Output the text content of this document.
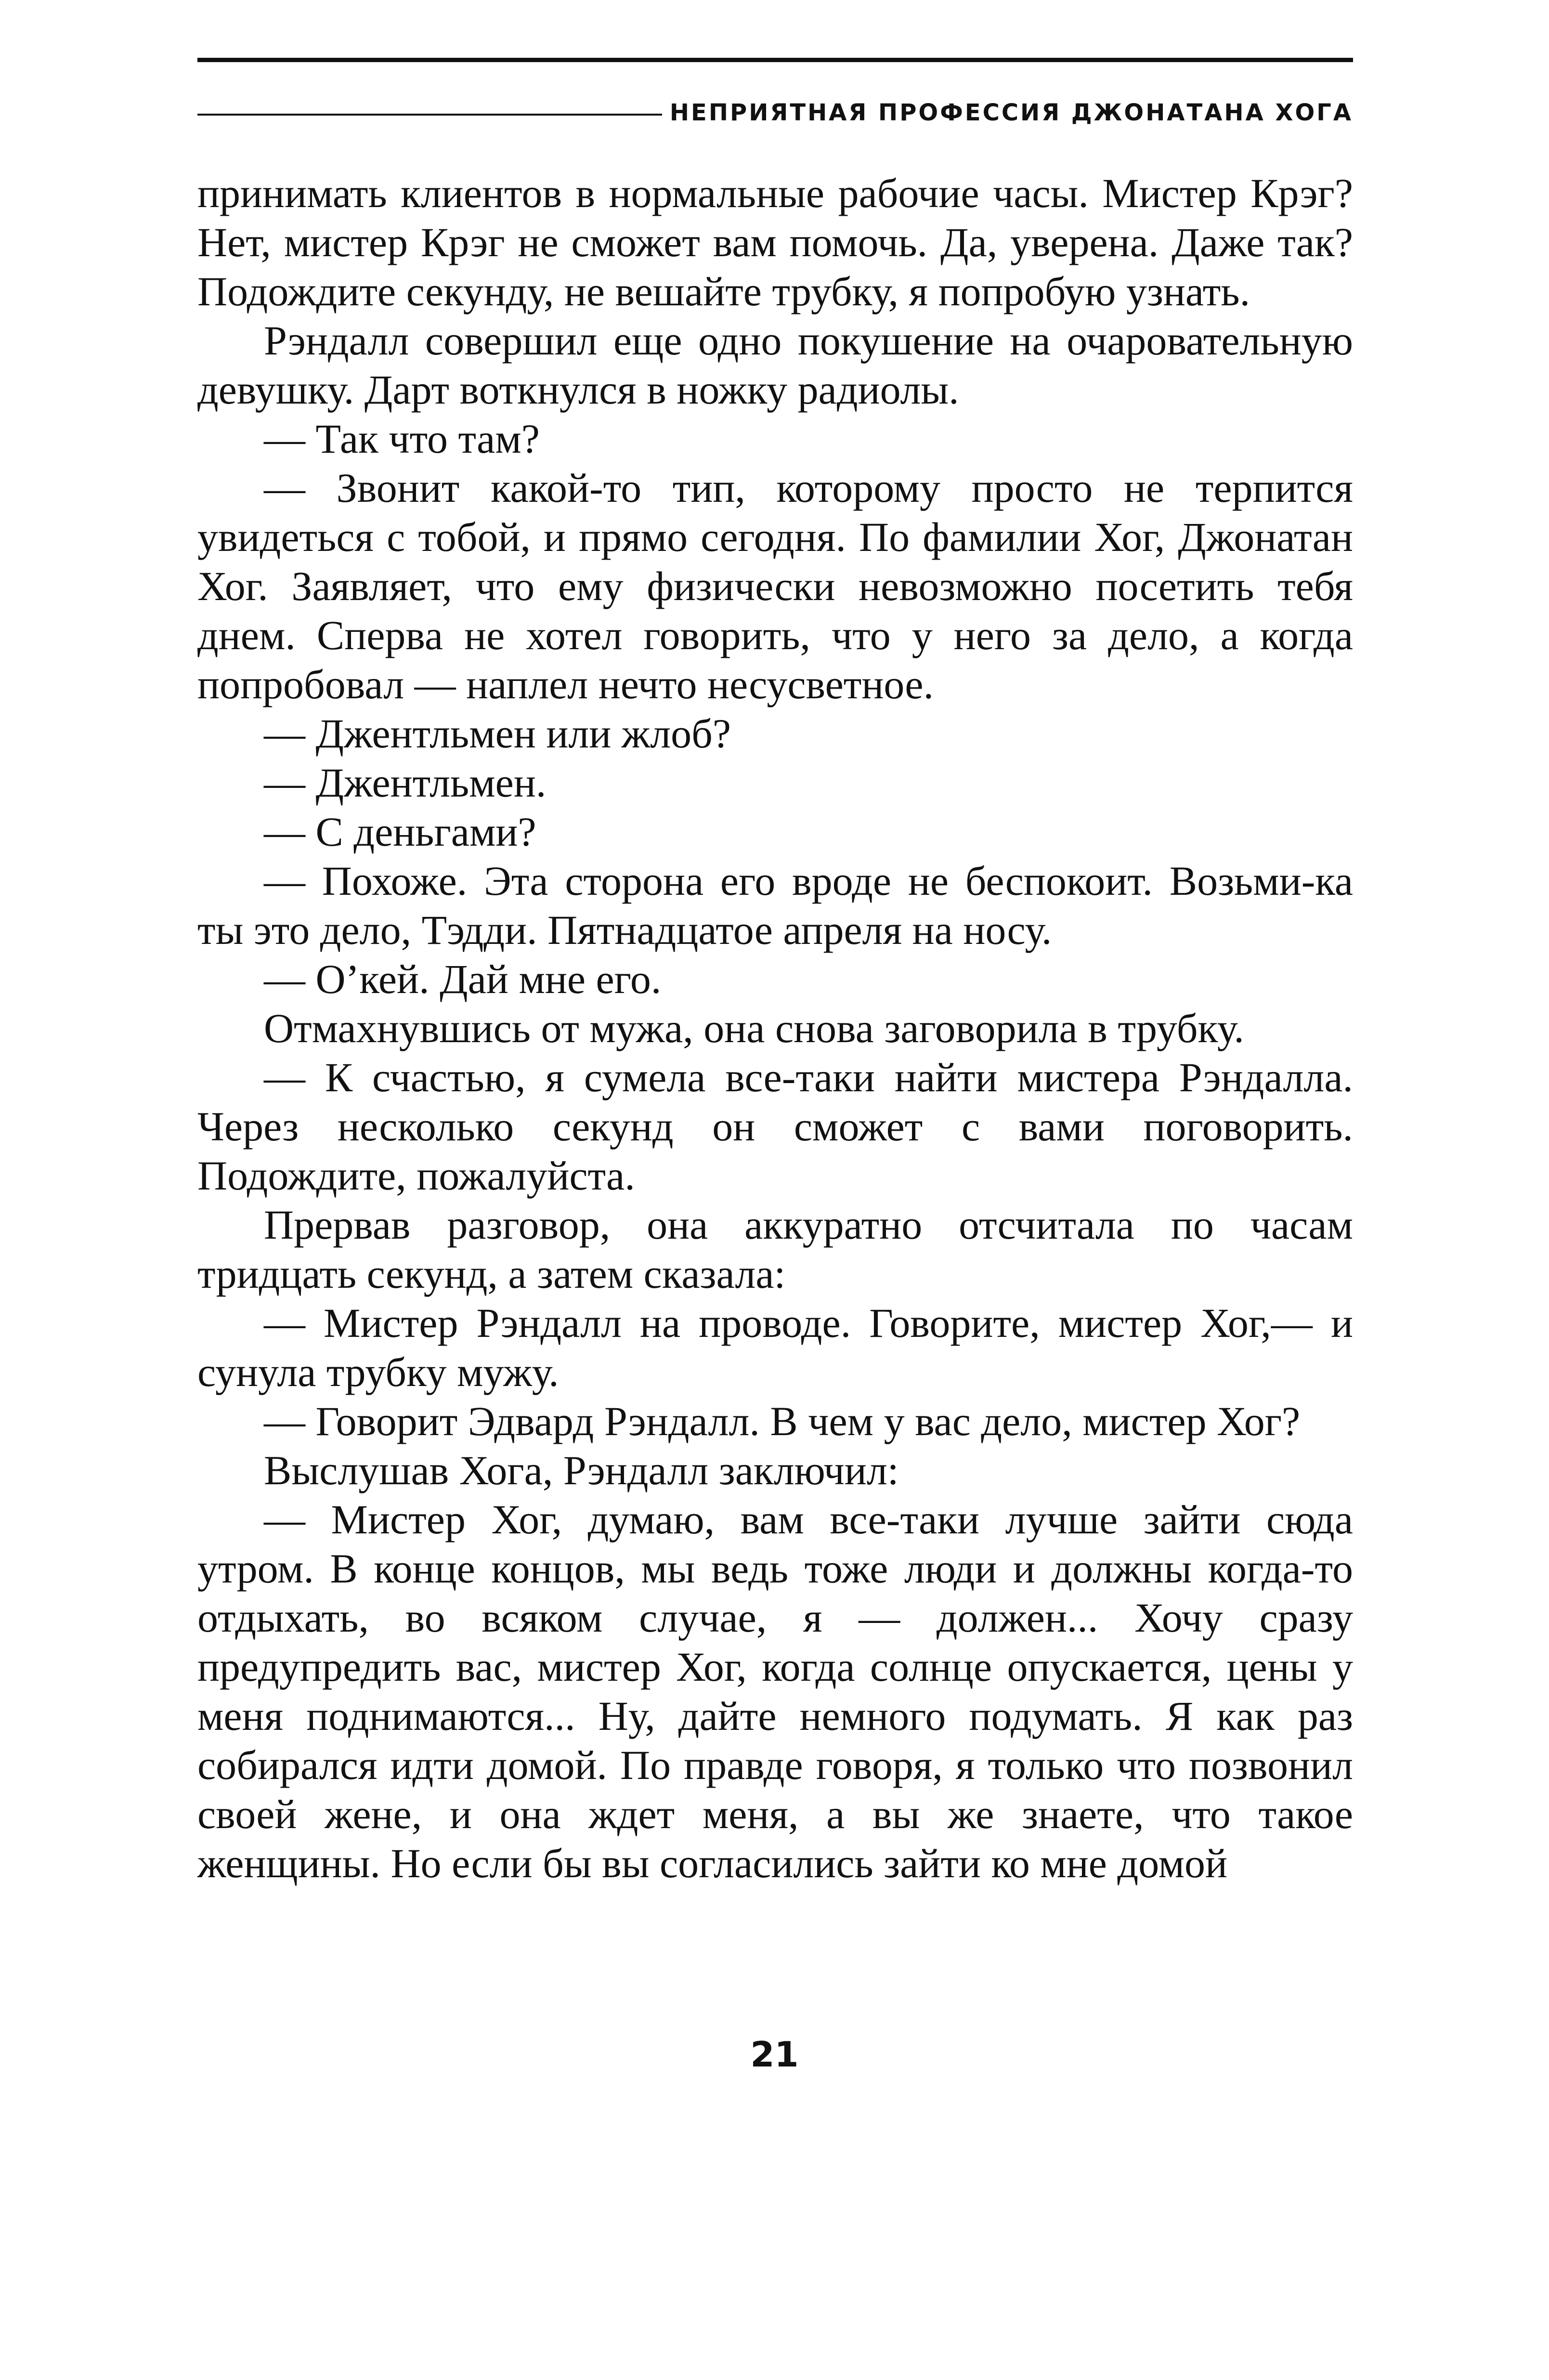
НЕПРИЯТНАЯ ПРОФЕССИЯ ДЖОНАТАНА ХОГА

принимать клиентов в нормальные рабочие часы. Мистер Крэг? Нет, мистер Крэг не сможет вам помочь. Да, уверена. Даже так? Подождите секунду, не вешайте трубку, я попробую узнать.

Рэндалл совершил еще одно покушение на очаровательную девушку. Дарт воткнулся в ножку радиолы.

— Так что там?

— Звонит какой-то тип, которому просто не терпится увидеться с тобой, и прямо сегодня. По фамилии Хог, Джонатан Хог. Заявляет, что ему физически невозможно посетить тебя днем. Сперва не хотел говорить, что у него за дело, а когда попробовал — наплел нечто несусветное.

— Джентльмен или жлоб?

— Джентльмен.

— С деньгами?

— Похоже. Эта сторона его вроде не беспокоит. Возьми-ка ты это дело, Тэдди. Пятнадцатое апреля на носу.

— О’кей. Дай мне его.

Отмахнувшись от мужа, она снова заговорила в трубку.

— К счастью, я сумела все-таки найти мистера Рэндалла. Через несколько секунд он сможет с вами поговорить. Подождите, пожалуйста.

Прервав разговор, она аккуратно отсчитала по часам тридцать секунд, а затем сказала:

— Мистер Рэндалл на проводе. Говорите, мистер Хог,— и сунула трубку мужу.

— Говорит Эдвард Рэндалл. В чем у вас дело, мистер Хог?

Выслушав Хога, Рэндалл заключил:

— Мистер Хог, думаю, вам все-таки лучше зайти сюда утром. В конце концов, мы ведь тоже люди и должны когда-то отдыхать, во всяком случае, я — должен... Хочу сразу предупредить вас, мистер Хог, когда солнце опускается, цены у меня поднимаются... Ну, дайте немного подумать. Я как раз собирался идти домой. По правде говоря, я только что позвонил своей жене, и она ждет меня, а вы же знаете, что такое женщины. Но если бы вы согласились зайти ко мне домой

21
